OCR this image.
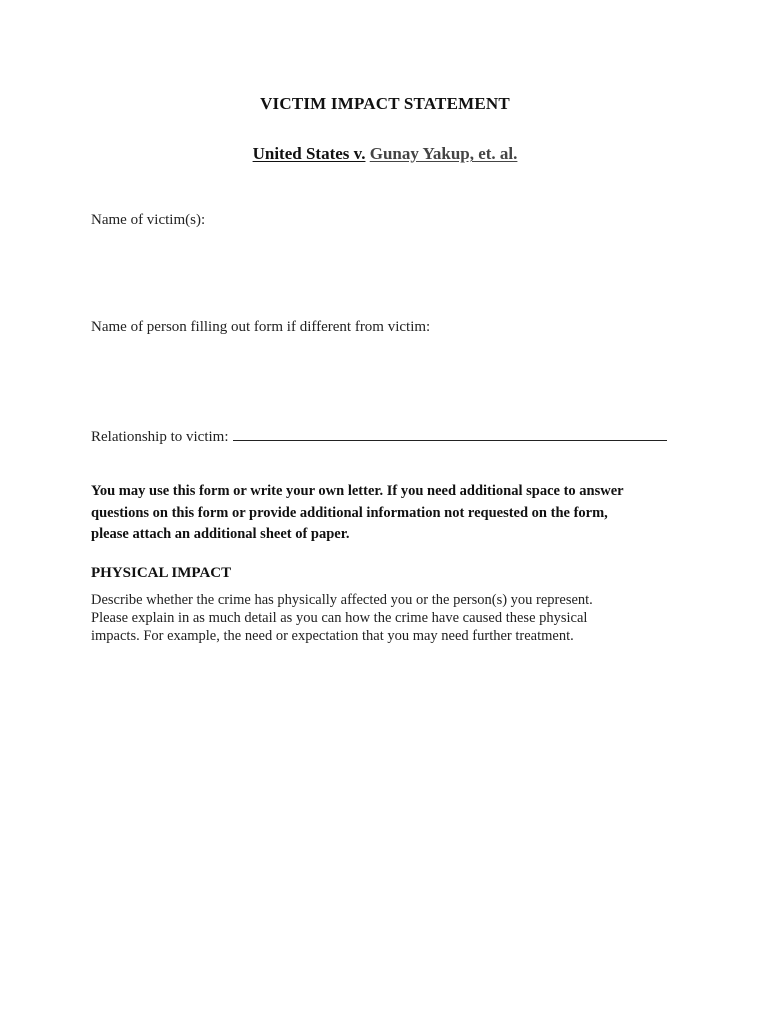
VICTIM IMPACT STATEMENT
United States v. Gunay Yakup, et. al.
Name of victim(s):
Name of person filling out form if different from victim:
Relationship to victim:
You may use this form or write your own letter. If you need additional space to answer
questions on this form or provide additional information not requested on the form,
please attach an additional sheet of paper.
PHYSICAL IMPACT
Describe whether the crime has physically affected you or the person(s) you represent.
Please explain in as much detail as you can how the crime have caused these physical
impacts. For example, the need or expectation that you may need further treatment.
